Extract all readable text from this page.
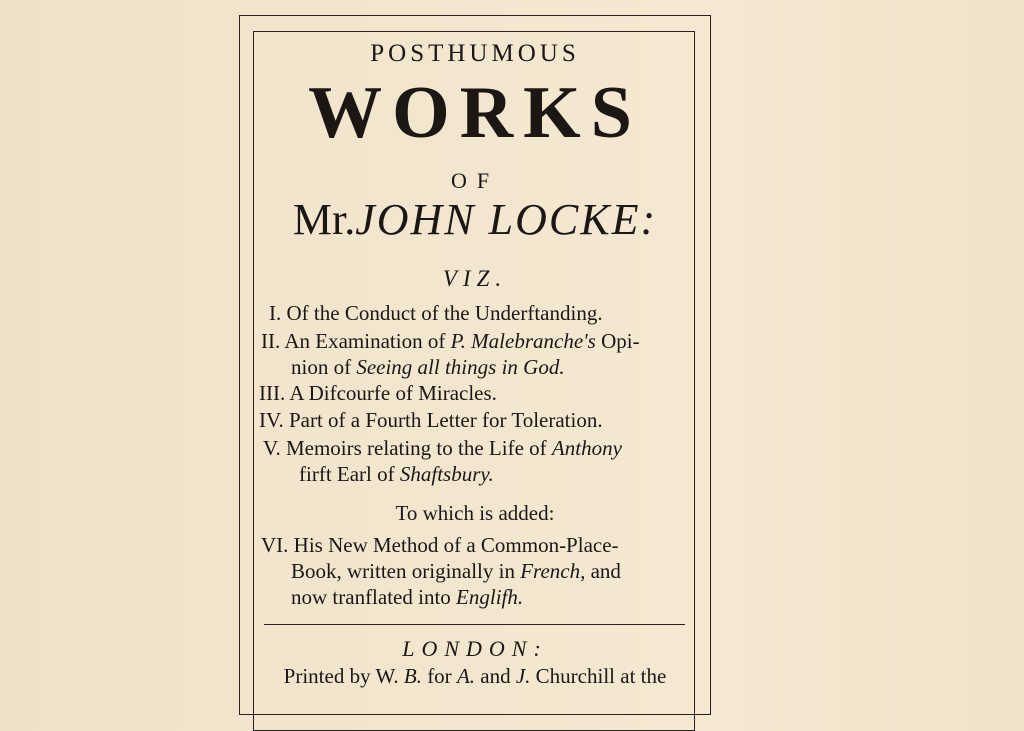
POSTHUMOUS
WORKS
OF
Mr.JOHN LOCKE:
VIZ.
I. Of the Conduct of the Underftanding.
II. An Examination of P. Malebranche's Opi-
nion of Seeing all things in God.
III. A Difcourfe of Miracles.
IV. Part of a Fourth Letter for Toleration.
V. Memoirs relating to the Life of Anthony
firft Earl of Shaftsbury.
To which is added:
VI. His New Method of a Common-Place-
Book, written originally in French, and
now tranflated into Englifh.
LONDON:
Printed by W. B. for A. and J. Churchill at the
